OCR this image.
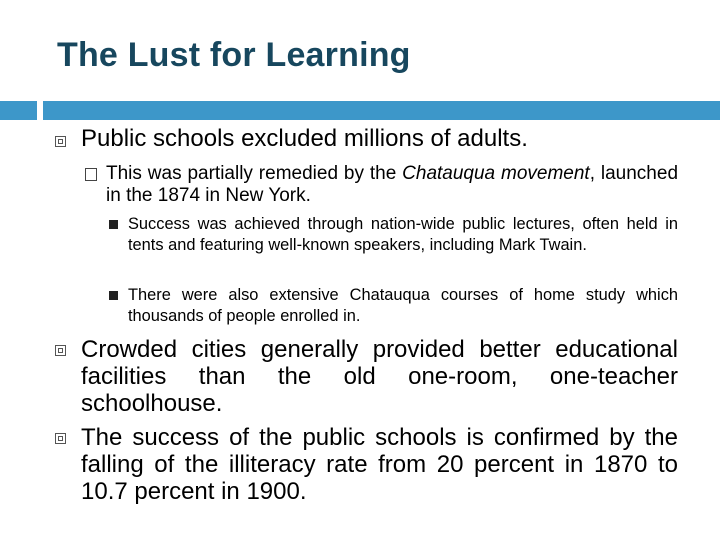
The Lust for Learning
Public schools excluded millions of adults.
This was partially remedied by the Chatauqua movement, launched in the 1874 in New York.
Success was achieved through nation-wide public lectures, often held in tents and featuring well-known speakers, including Mark Twain.
There were also extensive Chatauqua courses of home study which thousands of people enrolled in.
Crowded cities generally provided better educational facilities than the old one-room, one-teacher schoolhouse.
The success of the public schools is confirmed by the falling of the illiteracy rate from 20 percent in 1870 to 10.7 percent in 1900.
